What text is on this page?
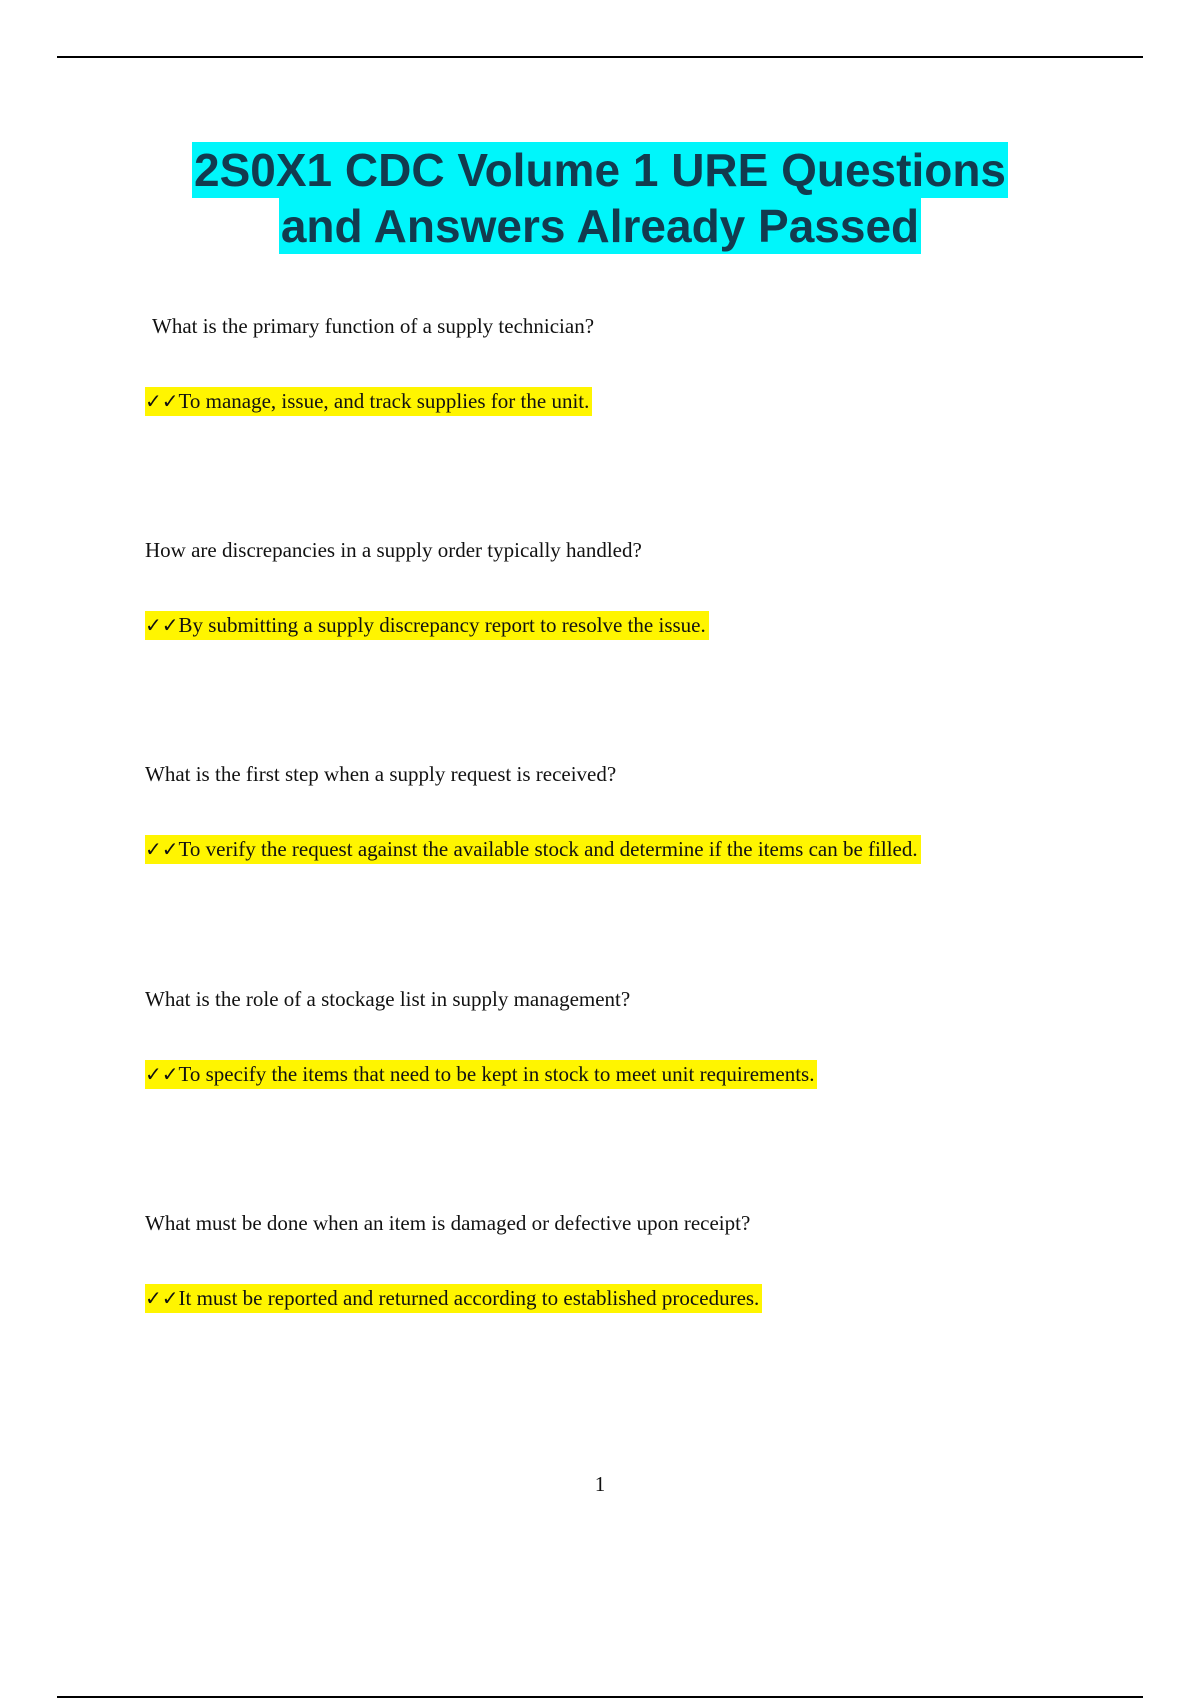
2S0X1 CDC Volume 1 URE Questions
and Answers Already Passed
What is the primary function of a supply technician?
✓✓To manage, issue, and track supplies for the unit.
How are discrepancies in a supply order typically handled?
✓✓By submitting a supply discrepancy report to resolve the issue.
What is the first step when a supply request is received?
✓✓To verify the request against the available stock and determine if the items can be filled.
What is the role of a stockage list in supply management?
✓✓To specify the items that need to be kept in stock to meet unit requirements.
What must be done when an item is damaged or defective upon receipt?
✓✓It must be reported and returned according to established procedures.
1
